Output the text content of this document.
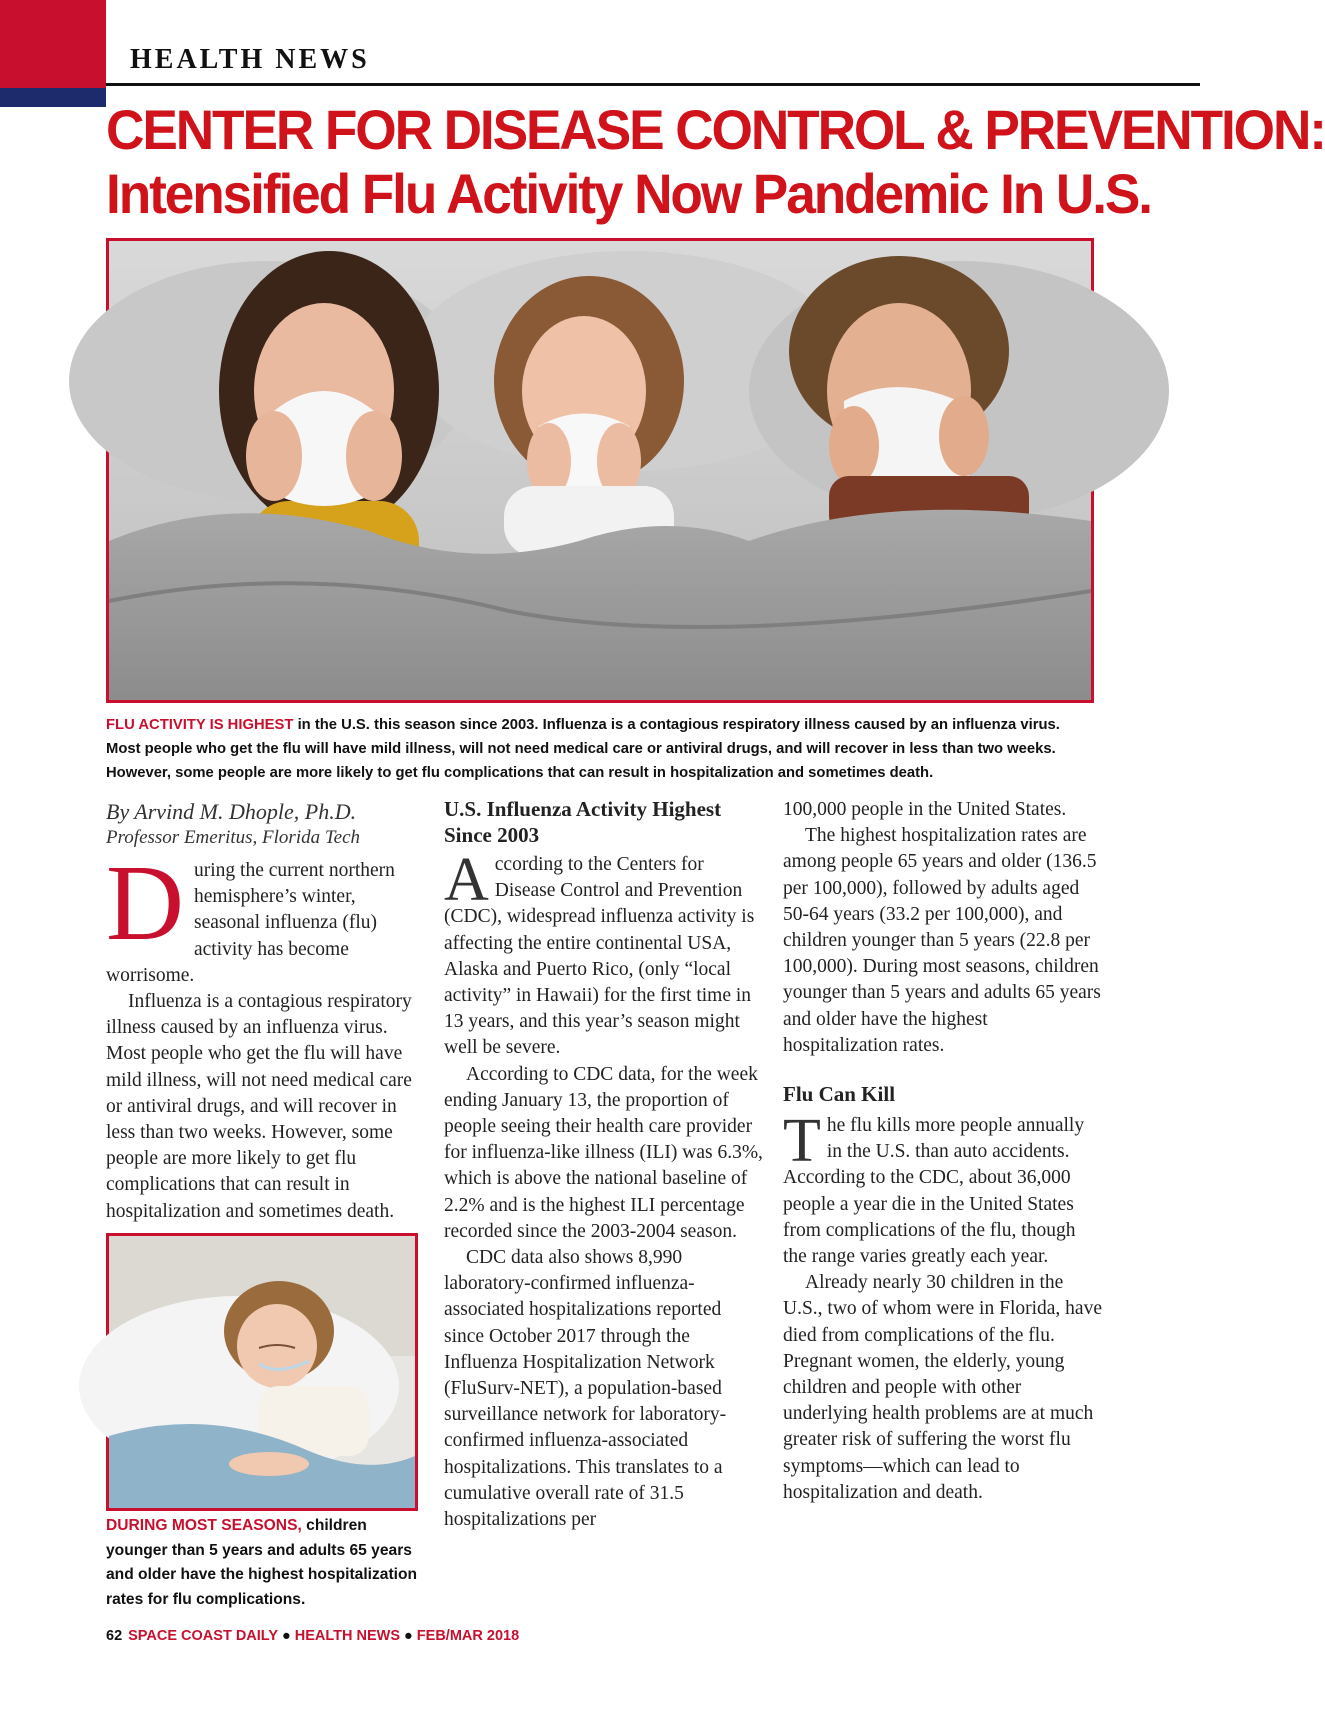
HEALTH NEWS
CENTER FOR DISEASE CONTROL & PREVENTION:
Intensified Flu Activity Now Pandemic In U.S.
FLU ACTIVITY IS HIGHEST in the U.S. this season since 2003. Influenza is a contagious respiratory illness caused by an influenza virus. Most people who get the flu will have mild illness, will not need medical care or antiviral drugs, and will recover in less than two weeks. However, some people are more likely to get flu complications that can result in hospitalization and sometimes death.
By Arvind M. Dhople, Ph.D.
Professor Emeritus, Florida Tech

During the current northern hemisphere’s winter, seasonal influenza (flu) activity has become worrisome.

Influenza is a contagious respiratory illness caused by an influenza virus. Most people who get the flu will have mild illness, will not need medical care or antiviral drugs, and will recover in less than two weeks. However, some people are more likely to get flu complications that can result in hospitalization and sometimes death.

DURING MOST SEASONS, children younger than 5 years and adults 65 years and older have the highest hospitalization rates for flu complications.
U.S. Influenza Activity Highest Since 2003

According to the Centers for Disease Control and Prevention (CDC), widespread influenza activity is affecting the entire continental USA, Alaska and Puerto Rico, (only “local activity” in Hawaii) for the first time in 13 years, and this year’s season might well be severe.

According to CDC data, for the week ending January 13, the proportion of people seeing their health care provider for influenza-like illness (ILI) was 6.3%, which is above the national baseline of 2.2% and is the highest ILI percentage recorded since the 2003-2004 season.

CDC data also shows 8,990 laboratory-confirmed influenza-associated hospitalizations reported since October 2017 through the Influenza Hospitalization Network (FluSurv-NET), a population-based surveillance network for laboratory-confirmed influenza-associated hospitalizations. This translates to a cumulative overall rate of 31.5 hospitalizations per

100,000 people in the United States.

The highest hospitalization rates are among people 65 years and older (136.5 per 100,000), followed by adults aged 50-64 years (33.2 per 100,000), and children younger than 5 years (22.8 per 100,000). During most seasons, children younger than 5 years and adults 65 years and older have the highest hospitalization rates.

Flu Can Kill

The flu kills more people annually in the U.S. than auto accidents. According to the CDC, about 36,000 people a year die in the United States from complications of the flu, though the range varies greatly each year.

Already nearly 30 children in the U.S., two of whom were in Florida, have died from complications of the flu. Pregnant women, the elderly, young children and people with other underlying health problems are at much greater risk of suffering the worst flu symptoms—which can lead to hospitalization and death.

62 SPACE COAST DAILY ● HEALTH NEWS ● FEB/MAR 2018
